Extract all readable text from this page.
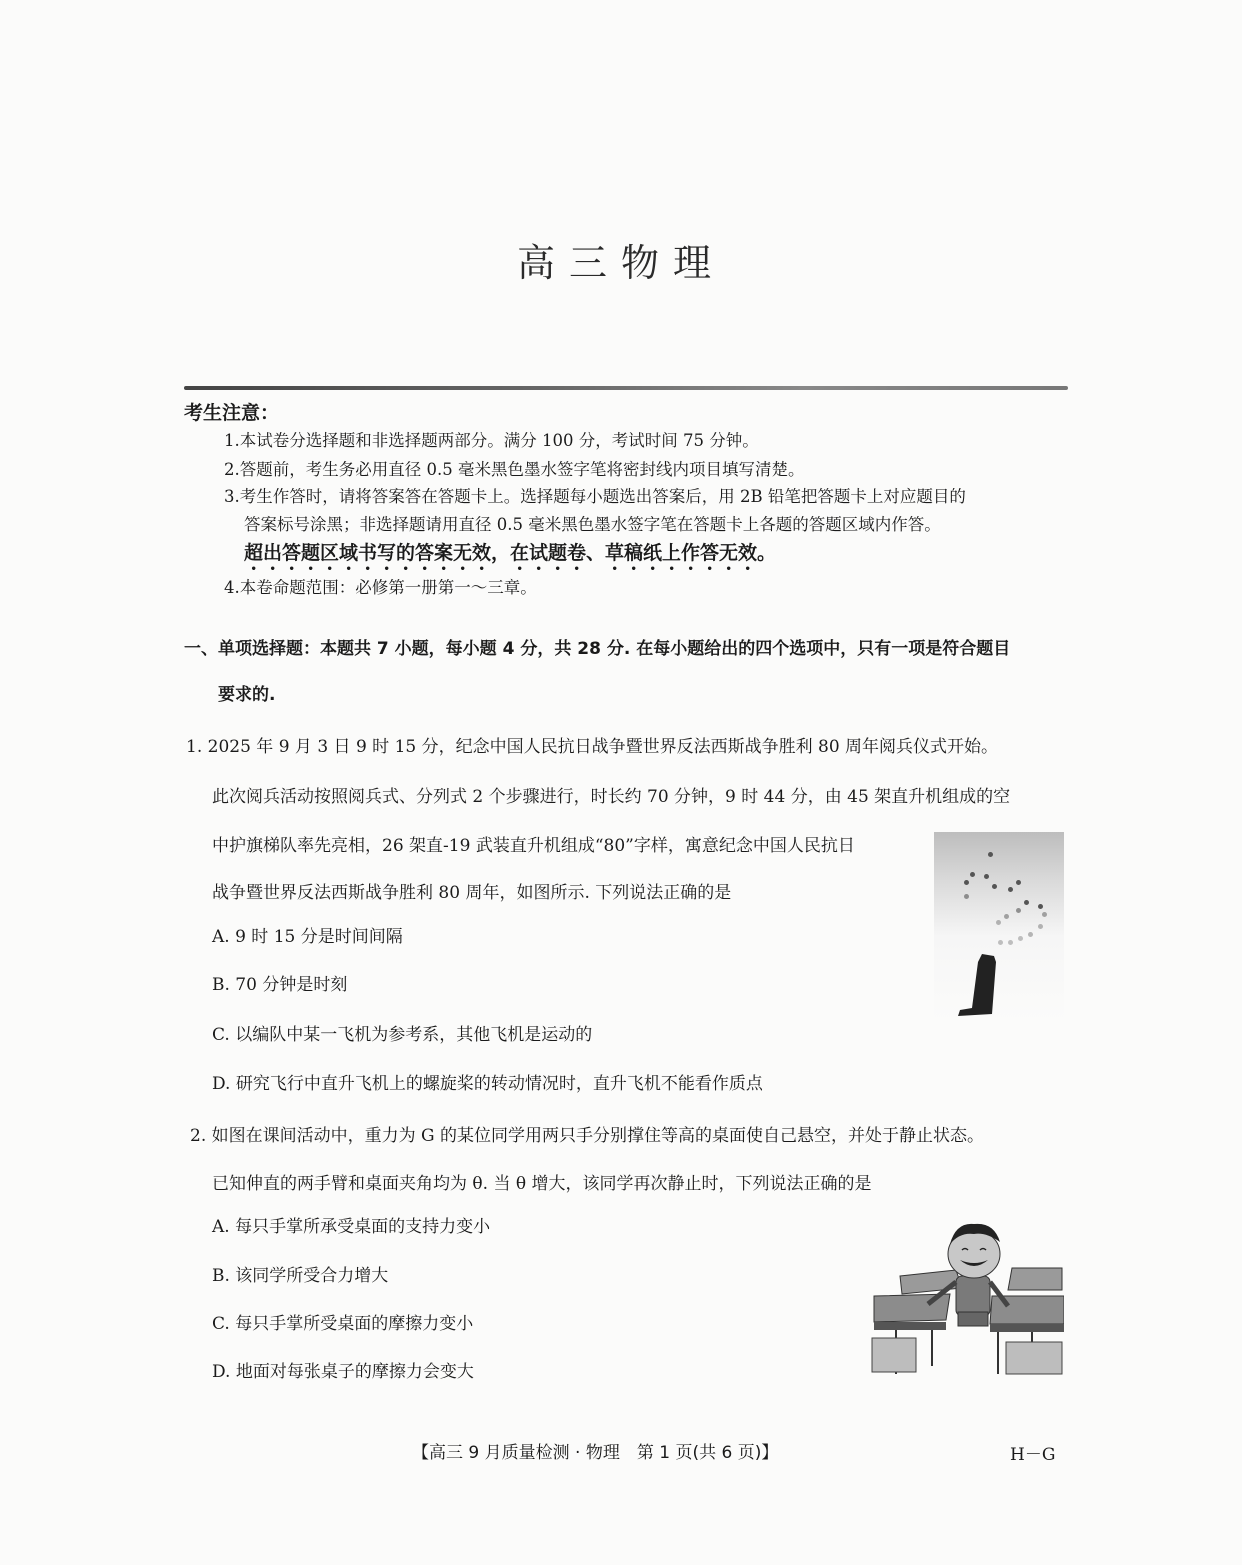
高三物理
考生注意：
1.本试卷分选择题和非选择题两部分。满分 100 分，考试时间 75 分钟。
2.答题前，考生务必用直径 0.5 毫米黑色墨水签字笔将密封线内项目填写清楚。
3.考生作答时，请将答案答在答题卡上。选择题每小题选出答案后，用 2B 铅笔把答题卡上对应题目的
答案标号涂黑；非选择题请用直径 0.5 毫米黑色墨水签字笔在答题卡上各题的答题区域内作答。
超出答题区域书写的答案无效，在试题卷、草稿纸上作答无效。
4.本卷命题范围：必修第一册第一～三章。
一、单项选择题：本题共 7 小题，每小题 4 分，共 28 分. 在每小题给出的四个选项中，只有一项是符合题目
要求的.
1. 2025 年 9 月 3 日 9 时 15 分，纪念中国人民抗日战争暨世界反法西斯战争胜利 80 周年阅兵仪式开始。
此次阅兵活动按照阅兵式、分列式 2 个步骤进行，时长约 70 分钟，9 时 44 分，由 45 架直升机组成的空
中护旗梯队率先亮相，26 架直-19 武装直升机组成“80”字样，寓意纪念中国人民抗日
战争暨世界反法西斯战争胜利 80 周年，如图所示. 下列说法正确的是
A. 9 时 15 分是时间间隔
B. 70 分钟是时刻
C. 以编队中某一飞机为参考系，其他飞机是运动的
D. 研究飞行中直升飞机上的螺旋桨的转动情况时，直升飞机不能看作质点
2. 如图在课间活动中，重力为 G 的某位同学用两只手分别撑住等高的桌面使自己悬空，并处于静止状态。
已知伸直的两手臂和桌面夹角均为 θ. 当 θ 增大，该同学再次静止时，下列说法正确的是
A. 每只手掌所承受桌面的支持力变小
B. 该同学所受合力增大
C. 每只手掌所受桌面的摩擦力变小
D. 地面对每张桌子的摩擦力会变大
【高三 9 月质量检测 · 物理　第 1 页(共 6 页)】	H－G
